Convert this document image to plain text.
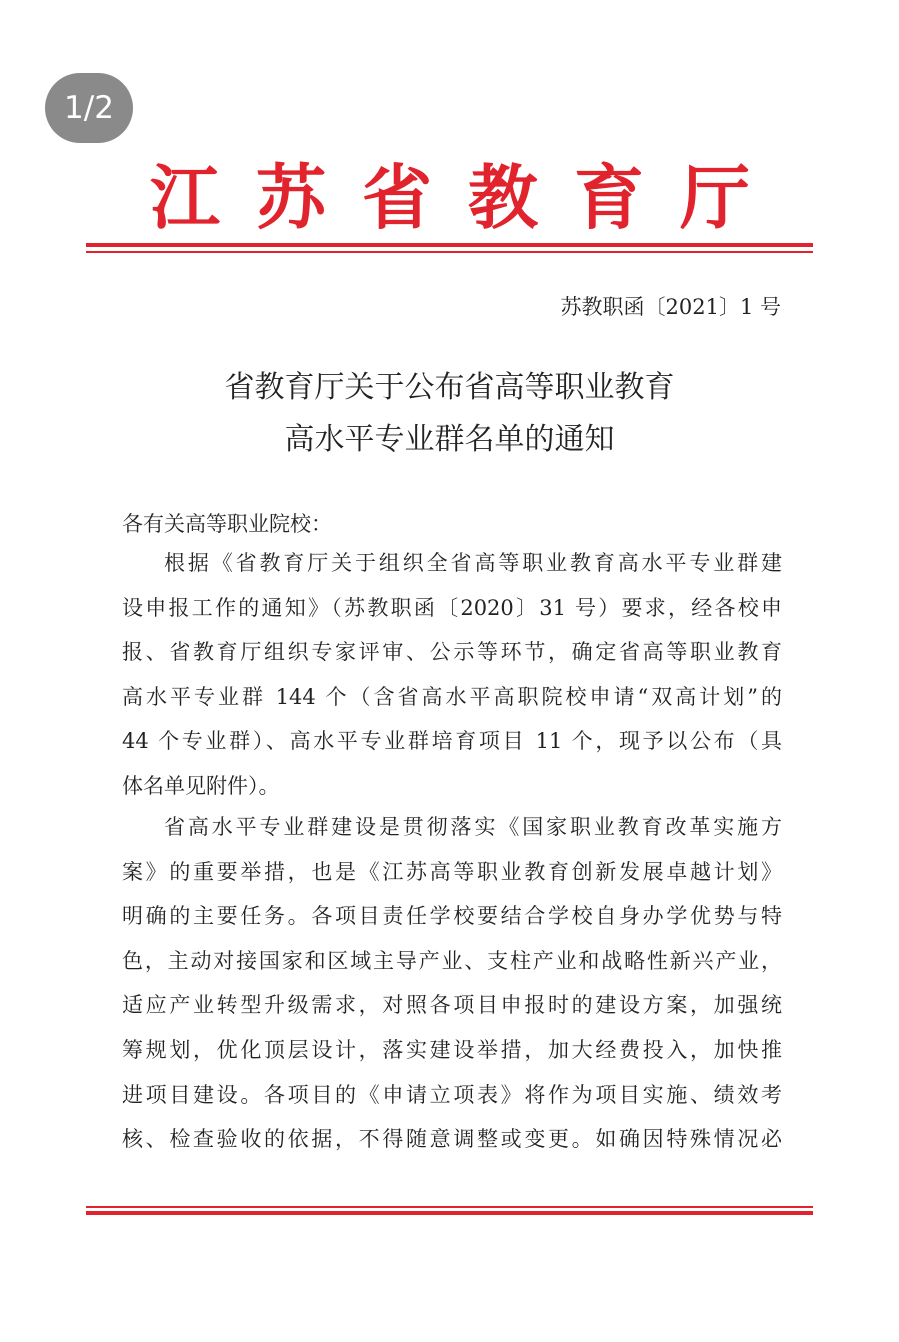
1/2
江 苏 省 教 育 厅
苏教职函〔2021〕1 号
省教育厅关于公布省高等职业教育
高水平专业群名单的通知
各有关高等职业院校：
根据《省教育厅关于组织全省高等职业教育高水平专业群建
设申报工作的通知》（苏教职函〔2020〕31 号）要求，经各校申
报、省教育厅组织专家评审、公示等环节，确定省高等职业教育
高水平专业群 144 个（含省高水平高职院校申请“双高计划”的
44 个专业群）、高水平专业群培育项目 11 个，现予以公布（具
体名单见附件）。
省高水平专业群建设是贯彻落实《国家职业教育改革实施方
案》的重要举措，也是《江苏高等职业教育创新发展卓越计划》
明确的主要任务。各项目责任学校要结合学校自身办学优势与特
色，主动对接国家和区域主导产业、支柱产业和战略性新兴产业，
适应产业转型升级需求，对照各项目申报时的建设方案，加强统
筹规划，优化顶层设计，落实建设举措，加大经费投入，加快推
进项目建设。各项目的《申请立项表》将作为项目实施、绩效考
核、检查验收的依据，不得随意调整或变更。如确因特殊情况必
